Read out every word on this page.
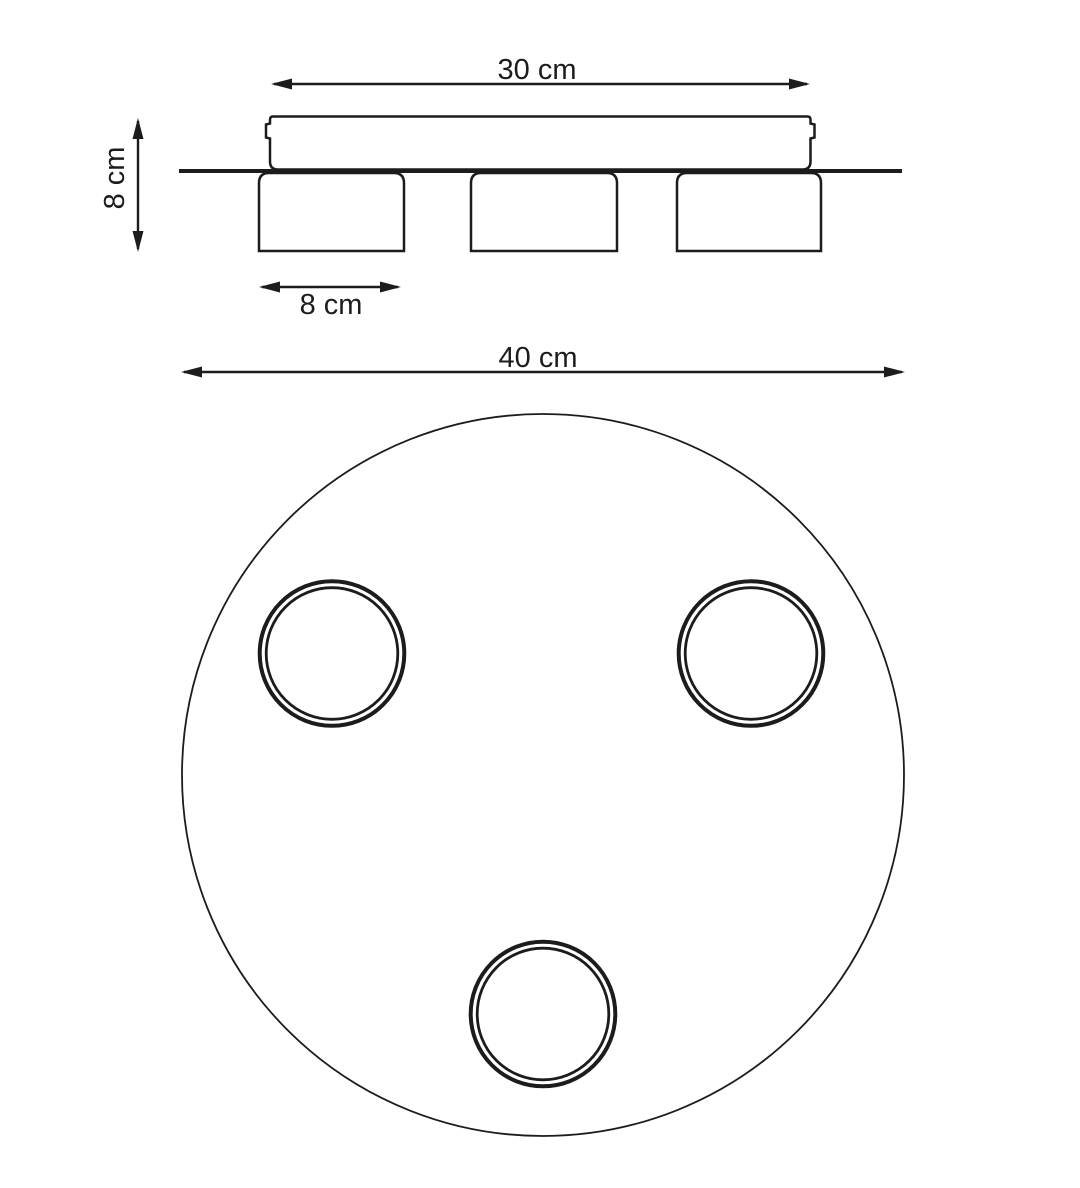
30 cm
8 cm
8 cm
40 cm
